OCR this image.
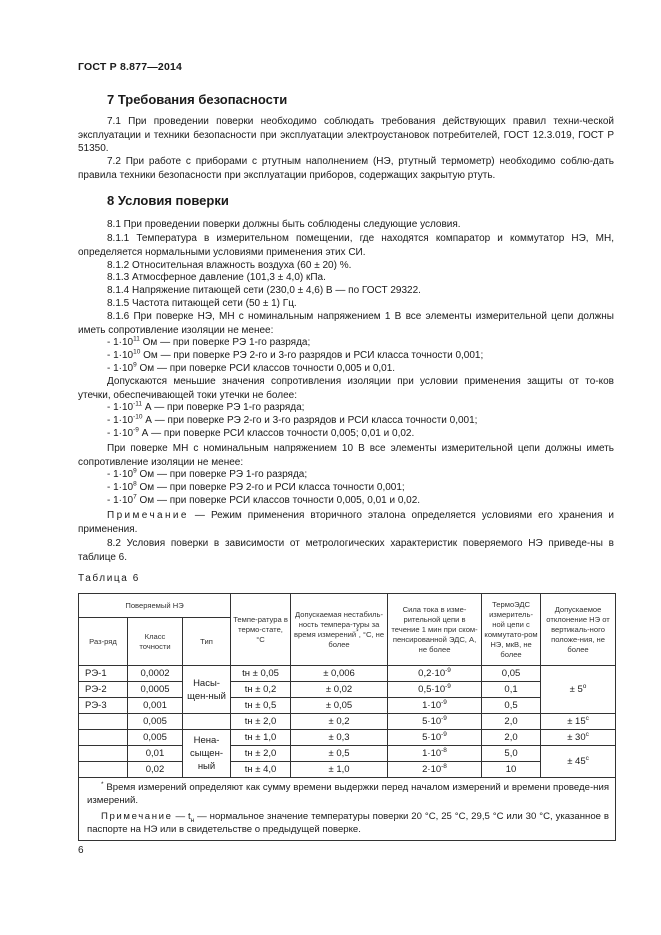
ГОСТ Р 8.877—2014
7 Требования безопасности

7.1 При проведении поверки необходимо соблюдать требования действующих правил техни-ческой эксплуатации и техники безопасности при эксплуатации электроустановок потребителей, ГОСТ 12.3.019, ГОСТ Р 51350.

7.2 При работе с приборами с ртутным наполнением (НЭ, ртутный термометр) необходимо соблю-дать правила техники безопасности при эксплуатации приборов, содержащих закрытую ртуть.

8 Условия поверки

8.1 При проведении поверки должны быть соблюдены следующие условия.

8.1.1 Температура в измерительном помещении, где находятся компаратор и коммутатор НЭ, МН, определяется нормальными условиями применения этих СИ.

8.1.2 Относительная влажность воздуха (60 ± 20) %.

8.1.3 Атмосферное давление (101,3 ± 4,0) кПа.

8.1.4 Напряжение питающей сети (230,0 ± 4,6) В — по ГОСТ 29322.

8.1.5 Частота питающей сети (50 ± 1) Гц.

8.1.6 При поверке НЭ, МН с номинальным напряжением 1 В все элементы измерительной цепи должны иметь сопротивление изоляции не менее:

- $1\cdot 10^{11}$ Ом — при поверке РЭ 1-го разряда;
- $1\cdot 10^{10}$ Ом — при поверке РЭ 2-го и 3-го разрядов и РСИ класса точности 0,001;
- $1\cdot 10^9$ Ом — при поверке РСИ классов точности 0,005 и 0,01.

Допускаются меньшие значения сопротивления изоляции при условии применения защиты от то-ков утечки, обеспечивающей токи утечки не более:

- $1\cdot 10^{-11}$ А — при поверке РЭ 1-го разряда;
- $1\cdot 10^{-10}$ А — при поверке РЭ 2-го и 3-го разрядов и РСИ класса точности 0,001;
- $1\cdot 10^{-9}$ А — при поверке РСИ классов точности 0,005; 0,01 и 0,02.

При поверке МН с номинальным напряжением 10 В все элементы измерительной цепи должны иметь сопротивление изоляции не менее:

- $1\cdot 10^9$ Ом — при поверке РЭ 1-го разряда;
- $1\cdot 10^8$ Ом — при поверке РЭ 2-го и РСИ класса точности 0,001;
- $1\cdot 10^7$ Ом — при поверке РСИ классов точности 0,005, 0,01 и 0,02.

Примечание — Режим применения вторичного эталона определяется условиями его хранения и применения.

8.2 Условия поверки в зависимости от метрологических характеристик поверяемого НЭ приведе-ны в таблице 6.

Таблица 6
Поверяемый НЭ			Темпе-ратура в термо-стате,
°С	Допускаемая нестабиль-ность темпера-туры за время измерений*, °С, не более	Сила тока в изме-рительной цепи в течение 1 мин при ском-пенсированной ЭДС, А, не более	ТермоЭДС измеритель-ной цепи с коммутато-ром НЭ, мкВ, не более	Допускаемое отклонение НЭ от вертикаль-ного положе-ния, не более
Раз-ряд	Класс точности	Тип					
РЭ-1	0,0002	Насы-щен-ный	tн ± 0,05	± 0,006	$0,2\cdot 10^{-9}$	0,05	± $5^о$
РЭ-2	0,0005		tн ± 0,2	± 0,02	$0,5\cdot 10^{-9}$	0,1	
РЭ-3	0,001		tн ± 0,5	± 0,05	$1\cdot 10^{-9}$	0,5	
	0,005		tн ± 2,0	± 0,2	$5\cdot 10^{-9}$	2,0	± $15^с$
	0,005	Нена-сыщен-ный	tн ± 1,0	± 0,3	$5\cdot 10^{-9}$	2,0	± $30^с$
	0,01		tн ± 2,0	± 0,5	$1\cdot 10^{-8}$	5,0	± $45^с$
	0,02		tн ± 4,0	± 1,0	$2\cdot 10^{-8}$	10	

* Время измерений определяют как сумму времени выдержки перед началом измерений и времени проведе-ния измерений.
Примечание — $t_н$ — нормальное значение температуры поверки 20 °С, 25 °С, 29,5 °С или 30 °С, указанное в паспорте на НЭ или в свидетельстве о предыдущей поверке.							
6
